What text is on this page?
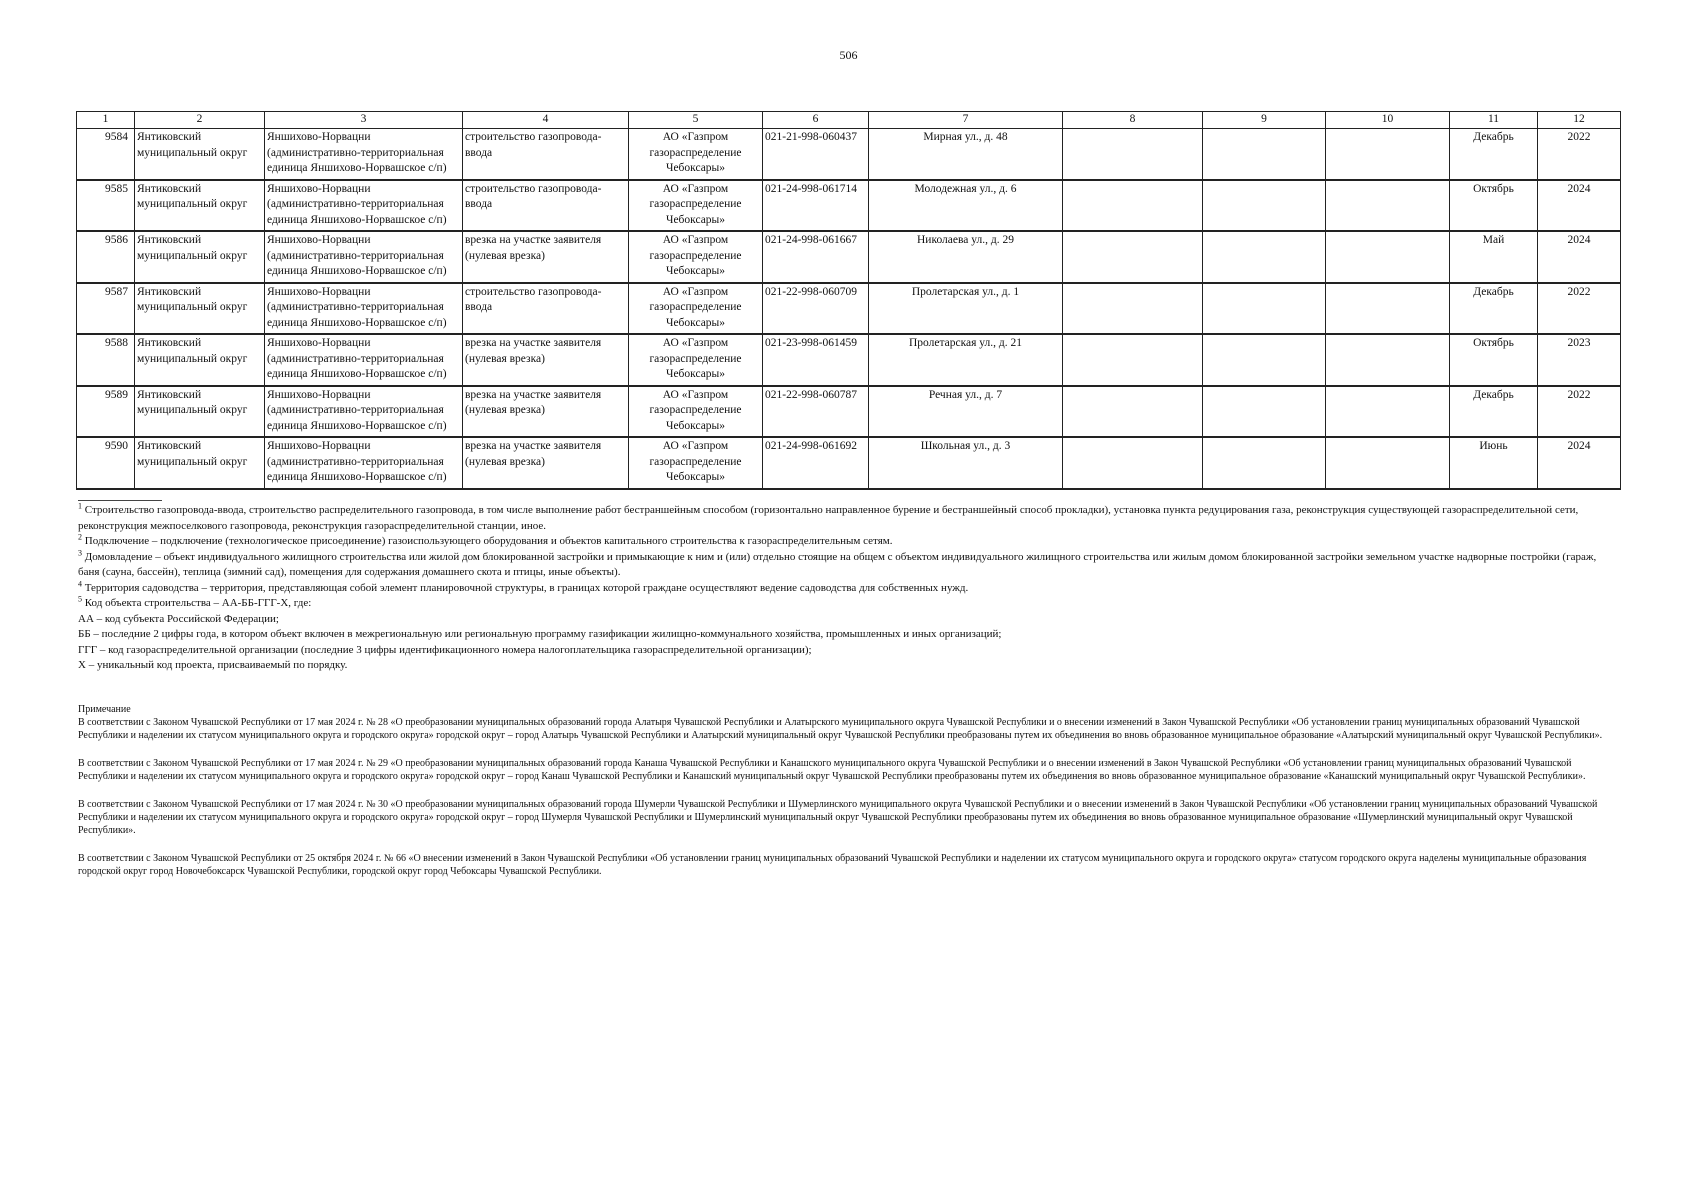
506
1	2	3	4	5	6	7	8	9	10	11	12
9584	Янтиковский муниципальный округ	Яншихово-Норвацни (административно-территориальная единица Яншихово-Норвашское с/п)	строительство газопровода-ввода	АО «Газпром газораспределение Чебоксары»	021-21-998-060437	Мирная ул., д. 48				Декабрь	2022
9585	Янтиковский муниципальный округ	Яншихово-Норвацни (административно-территориальная единица Яншихово-Норвашское с/п)	строительство газопровода-ввода	АО «Газпром газораспределение Чебоксары»	021-24-998-061714	Молодежная ул., д. 6				Октябрь	2024
9586	Янтиковский муниципальный округ	Яншихово-Норвацни (административно-территориальная единица Яншихово-Норвашское с/п)	врезка на участке заявителя (нулевая врезка)	АО «Газпром газораспределение Чебоксары»	021-24-998-061667	Николаева ул., д. 29				Май	2024
9587	Янтиковский муниципальный округ	Яншихово-Норвацни (административно-территориальная единица Яншихово-Норвашское с/п)	строительство газопровода-ввода	АО «Газпром газораспределение Чебоксары»	021-22-998-060709	Пролетарская ул., д. 1				Декабрь	2022
9588	Янтиковский муниципальный округ	Яншихово-Норвацни (административно-территориальная единица Яншихово-Норвашское с/п)	врезка на участке заявителя (нулевая врезка)	АО «Газпром газораспределение Чебоксары»	021-23-998-061459	Пролетарская ул., д. 21				Октябрь	2023
9589	Янтиковский муниципальный округ	Яншихово-Норвацни (административно-территориальная единица Яншихово-Норвашское с/п)	врезка на участке заявителя (нулевая врезка)	АО «Газпром газораспределение Чебоксары»	021-22-998-060787	Речная ул., д. 7				Декабрь	2022
9590	Янтиковский муниципальный округ	Яншихово-Норвацни (административно-территориальная единица Яншихово-Норвашское с/п)	врезка на участке заявителя (нулевая врезка)	АО «Газпром газораспределение Чебоксары»	021-24-998-061692	Школьная ул., д. 3				Июнь	2024

$^1$ Строительство газопровода-ввода, строительство распределительного газопровода, в том числе выполнение работ бестраншейным способом (горизонтально направленное бурение и бестраншейный способ прокладки), установка пункта редуцирования газа, реконструкция существующей газораспределительной сети, реконструкция межпоселкового газопровода, реконструкция газораспределительной станции, иное.

$^2$ Подключение – подключение (технологическое присоединение) газоиспользующего оборудования и объектов капитального строительства к газораспределительным сетям.

$^3$ Домовладение – объект индивидуального жилищного строительства или жилой дом блокированной застройки и примыкающие к ним и (или) отдельно стоящие на общем с объектом индивидуального жилищного строительства или жилым домом блокированной застройки земельном участке надворные постройки (гараж, баня (сауна, бассейн), теплица (зимний сад), помещения для содержания домашнего скота и птицы, иные объекты).

$^4$ Территория садоводства – территория, представляющая собой элемент планировочной структуры, в границах которой граждане осуществляют ведение садоводства для собственных нужд.

$^5$ Код объекта строительства – АА-ББ-ГГГ-Х, где:

АА – код субъекта Российской Федерации;

ББ – последние 2 цифры года, в котором объект включен в межрегиональную или региональную программу газификации жилищно-коммунального хозяйства, промышленных и иных организаций;

ГГГ – код газораспределительной организации (последние 3 цифры идентификационного номера налогоплательщика газораспределительной организации);

Х – уникальный код проекта, присваиваемый по порядку.

Примечание

В соответствии с Законом Чувашской Республики от 17 мая 2024 г. № 28 «О преобразовании муниципальных образований города Алатыря Чувашской Республики и Алатырского муниципального округа Чувашской Республики и о внесении изменений в Закон Чувашской Республики «Об установлении границ муниципальных образований Чувашской Республики и наделении их статусом муниципального округа и городского округа» городской округ – город Алатырь Чувашской Республики и Алатырский муниципальный округ Чувашской Республики преобразованы путем их объединения во вновь образованное муниципальное образование «Алатырский муниципальный округ Чувашской Республики».

В соответствии с Законом Чувашской Республики от 17 мая 2024 г. № 29 «О преобразовании муниципальных образований города Канаша Чувашской Республики и Канашского муниципального округа Чувашской Республики и о внесении изменений в Закон Чувашской Республики «Об установлении границ муниципальных образований Чувашской Республики и наделении их статусом муниципального округа и городского округа» городской округ – город Канаш Чувашской Республики и Канашский муниципальный округ Чувашской Республики преобразованы путем их объединения во вновь образованное муниципальное образование «Канашский муниципальный округ Чувашской Республики».

В соответствии с Законом Чувашской Республики от 17 мая 2024 г. № 30 «О преобразовании муниципальных образований города Шумерли Чувашской Республики и Шумерлинского муниципального округа Чувашской Республики и о внесении изменений в Закон Чувашской Республики «Об установлении границ муниципальных образований Чувашской Республики и наделении их статусом муниципального округа и городского округа» городской округ – город Шумерля Чувашской Республики и Шумерлинский муниципальный округ Чувашской Республики преобразованы путем их объединения во вновь образованное муниципальное образование «Шумерлинский муниципальный округ Чувашской Республики».

В соответствии с Законом Чувашской Республики от 25 октября 2024 г. № 66 «О внесении изменений в Закон Чувашской Республики «Об установлении границ муниципальных образований Чувашской Республики и наделении их статусом муниципального округа и городского округа» статусом городского округа наделены муниципальные образования городской округ город Новочебоксарск Чувашской Республики, городской округ город Чебоксары Чувашской Республики.
